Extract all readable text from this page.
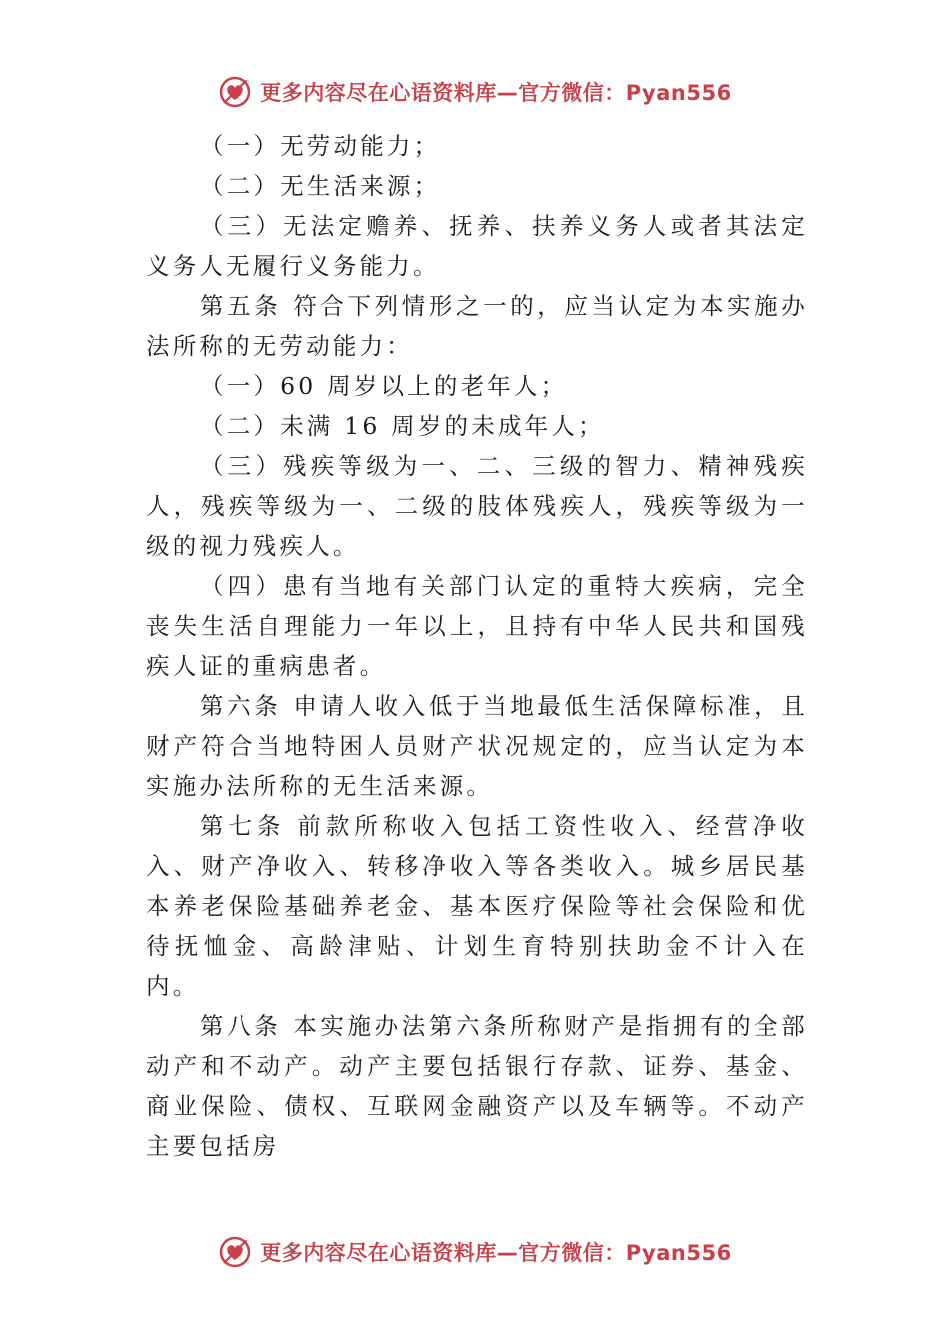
更多内容尽在心语资料库—官方微信：Pyan556

（一）无劳动能力；

（二）无生活来源；

（三）无法定赡养、抚养、扶养义务人或者其法定义务人无履行义务能力。

第五条 符合下列情形之一的，应当认定为本实施办法所称的无劳动能力：

（一）60 周岁以上的老年人；

（二）未满 16 周岁的未成年人；

（三）残疾等级为一、二、三级的智力、精神残疾人，残疾等级为一、二级的肢体残疾人，残疾等级为一级的视力残疾人。

（四）患有当地有关部门认定的重特大疾病，完全丧失生活自理能力一年以上，且持有中华人民共和国残疾人证的重病患者。

第六条 申请人收入低于当地最低生活保障标准，且财产符合当地特困人员财产状况规定的，应当认定为本实施办法所称的无生活来源。

第七条 前款所称收入包括工资性收入、经营净收入、财产净收入、转移净收入等各类收入。城乡居民基本养老保险基础养老金、基本医疗保险等社会保险和优待抚恤金、高龄津贴、计划生育特别扶助金不计入在内。

第八条 本实施办法第六条所称财产是指拥有的全部动产和不动产。动产主要包括银行存款、证券、基金、商业保险、债权、互联网金融资产以及车辆等。不动产主要包括房

更多内容尽在心语资料库—官方微信：Pyan556
